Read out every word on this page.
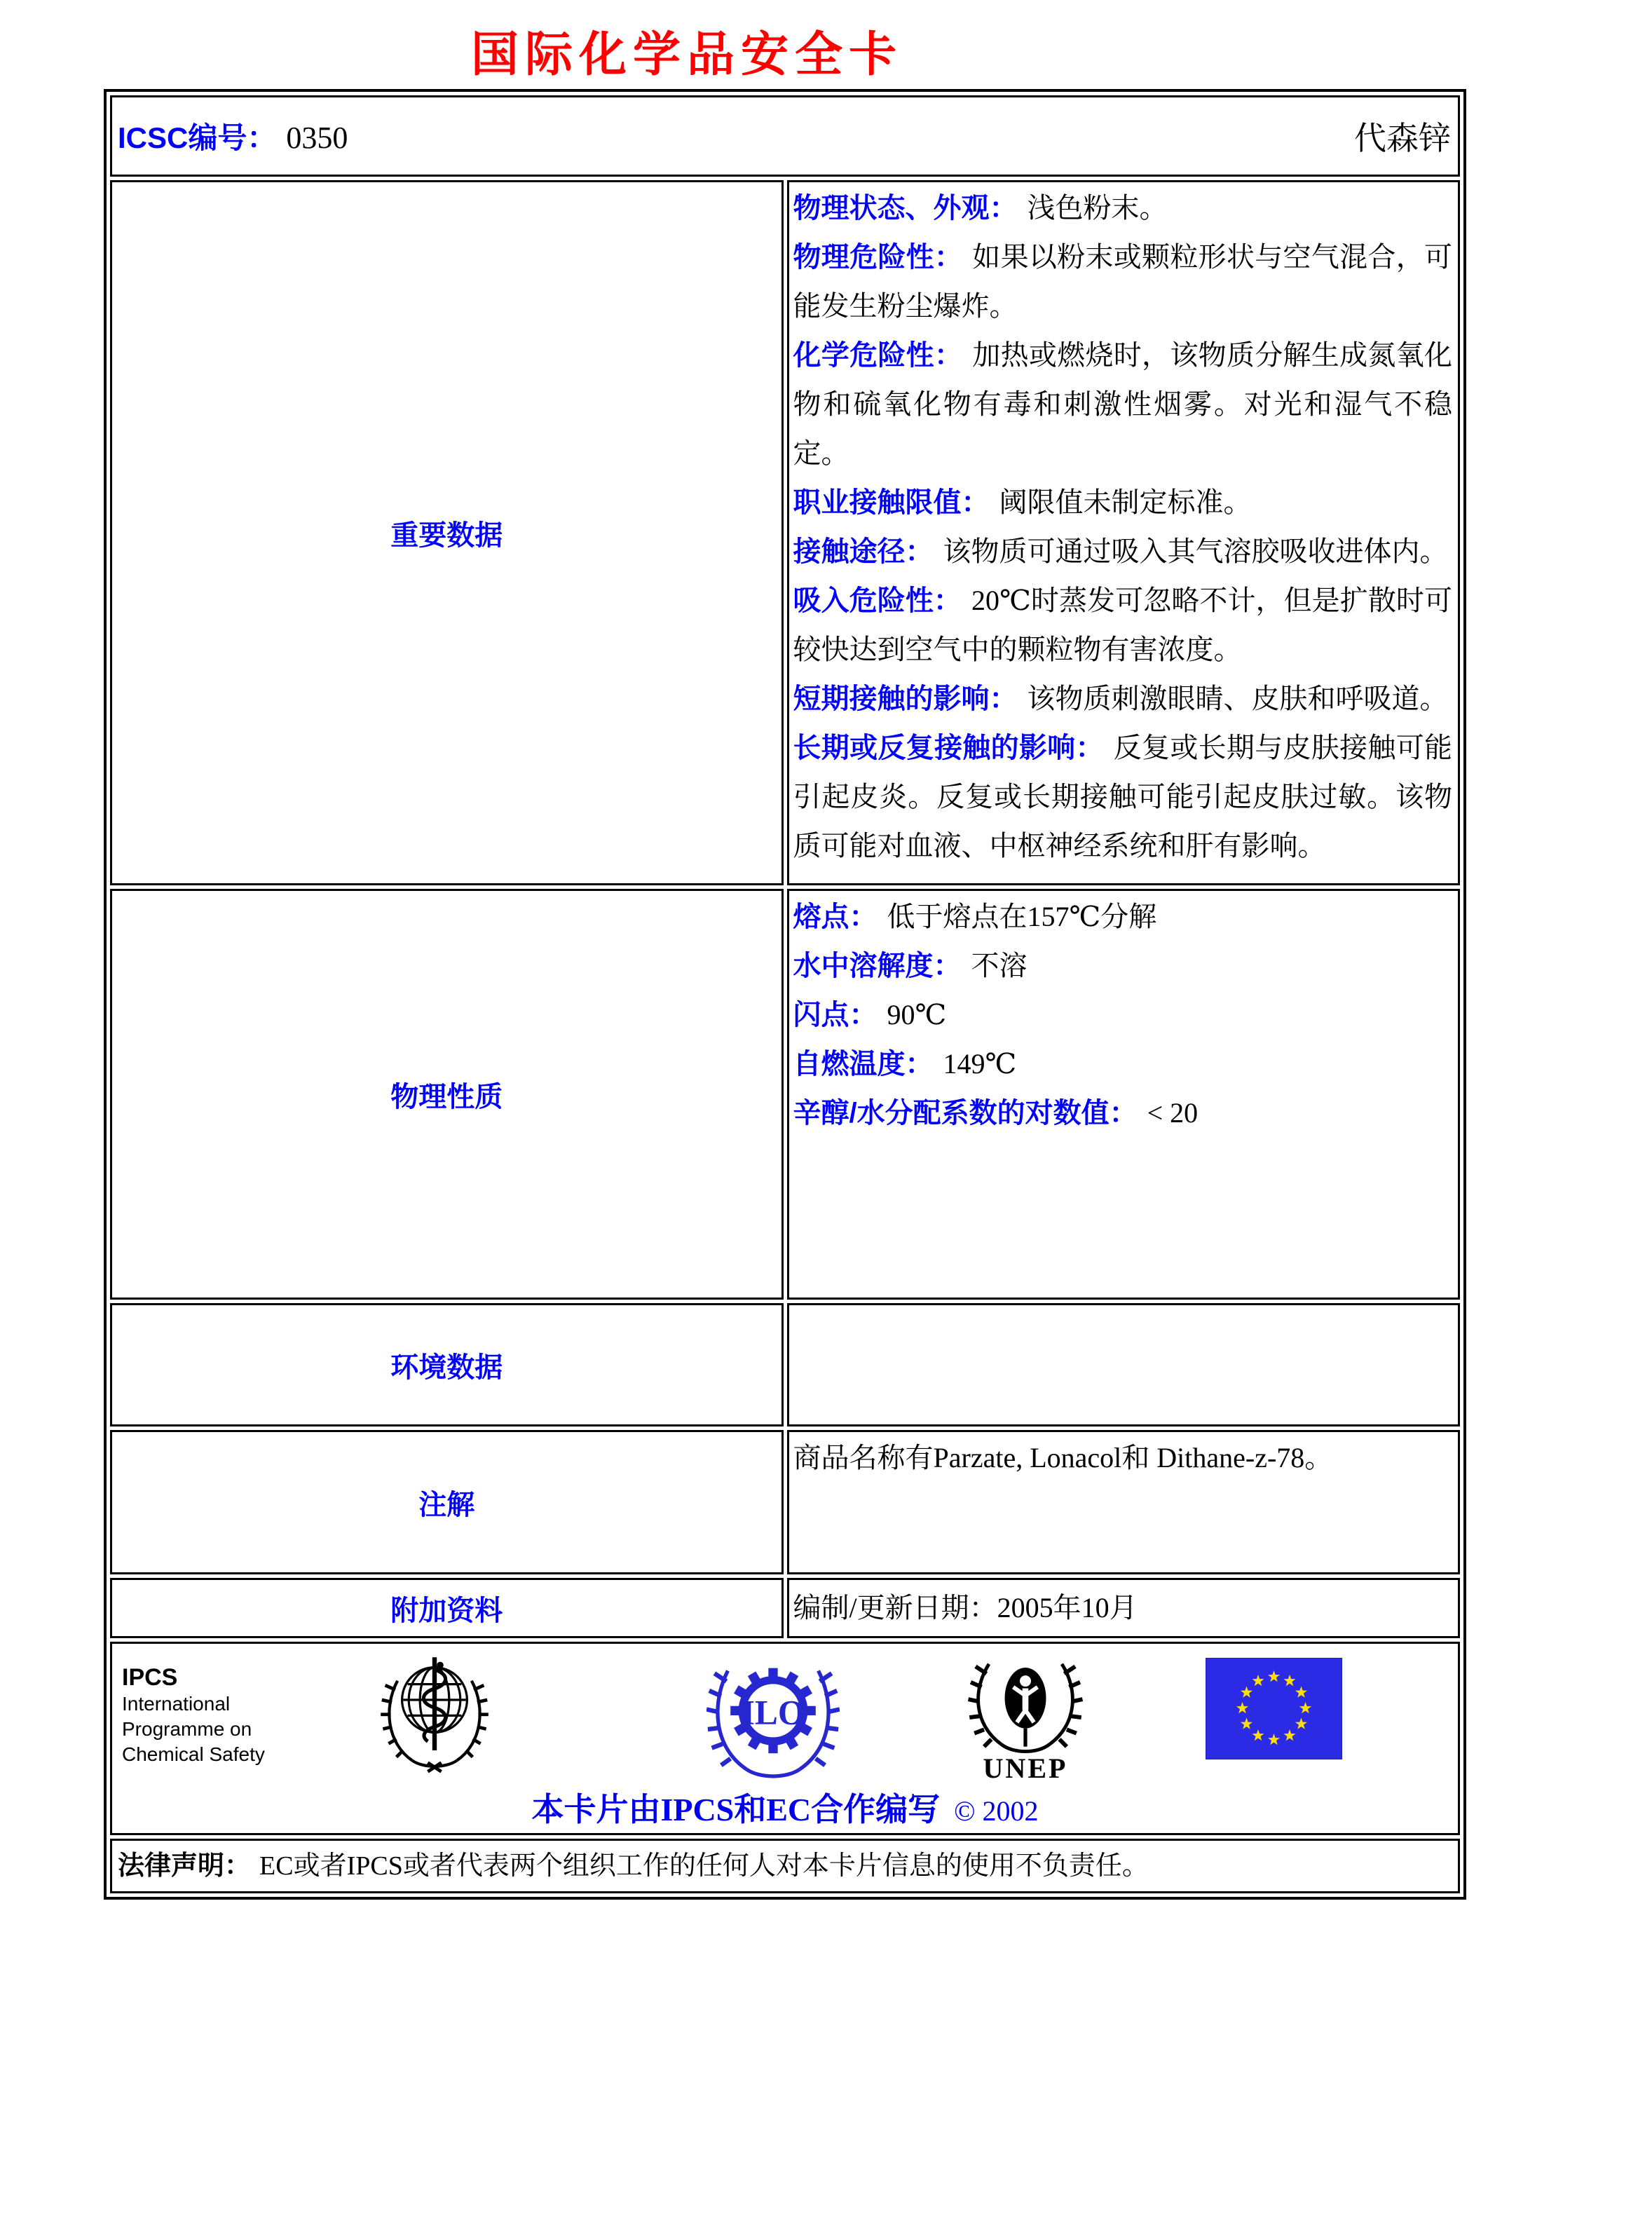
国际化学品安全卡
ICSC编号： 0350 代森锌	

重要数据	
物理状态、外观： 浅色粉末。
物理危险性： 如果以粉末或颗粒形状与空气混合，可能发生粉尘爆炸。
化学危险性： 加热或燃烧时，该物质分解生成氮氧化物和硫氧化物有毒和刺激性烟雾。对光和湿气不稳定。
职业接触限值： 阈限值未制定标准。
接触途径： 该物质可通过吸入其气溶胶吸收进体内。
吸入危险性： 20℃时蒸发可忽略不计，但是扩散时可较快达到空气中的颗粒物有害浓度。
短期接触的影响： 该物质刺激眼睛、皮肤和呼吸道。
长期或反复接触的影响： 反复或长期与皮肤接触可能引起皮炎。反复或长期接触可能引起皮肤过敏。该物质可能对血液、中枢神经系统和肝有影响。

物理性质	熔点： 低于熔点在157℃分解
水中溶解度： 不溶
闪点： 90℃
自燃温度： 149℃
辛醇/水分配系数的对数值： < 20

环境数据	
注解	商品名称有Parzate, Lonacol和 Dithane-z-78。

附加资料	编制/更新日期：2005年10月

IPCS
International
Programme on
Chemical Safety
ILO
UNEP
本卡片由IPCS和EC合作编写 © 2002

法律声明： EC或者IPCS或者代表两个组织工作的任何人对本卡片信息的使用不负责任。	
